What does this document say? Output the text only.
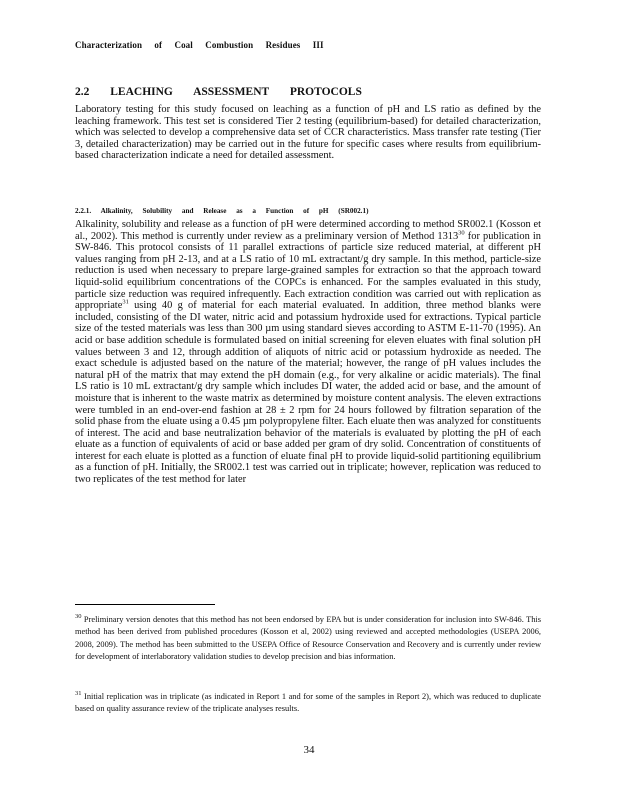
Characterization of Coal Combustion Residues III
2.2 LEACHING ASSESSMENT PROTOCOLS

Laboratory testing for this study focused on leaching as a function of pH and LS ratio as defined by the leaching framework. This test set is considered Tier 2 testing (equilibrium-based) for detailed characterization, which was selected to develop a comprehensive data set of CCR characteristics. Mass transfer rate testing (Tier 3, detailed characterization) may be carried out in the future for specific cases where results from equilibrium-based characterization indicate a need for detailed assessment.

2.2.1. Alkalinity, Solubility and Release as a Function of pH (SR002.1)

Alkalinity, solubility and release as a function of pH were determined according to method SR002.1 (Kosson et al., 2002). This method is currently under review as a preliminary version of Method 1313$^{30}$ for publication in SW-846. This protocol consists of 11 parallel extractions of particle size reduced material, at different pH values ranging from pH 2-13, and at a LS ratio of 10 mL extractant/g dry sample. In this method, particle-size reduction is used when necessary to prepare large-grained samples for extraction so that the approach toward liquid-solid equilibrium concentrations of the COPCs is enhanced. For the samples evaluated in this study, particle size reduction was required infrequently. Each extraction condition was carried out with replication as appropriate$^{31}$ using 40 g of material for each material evaluated. In addition, three method blanks were included, consisting of the DI water, nitric acid and potassium hydroxide used for extractions. Typical particle size of the tested materials was less than 300 µm using standard sieves according to ASTM E-11-70 (1995). An acid or base addition schedule is formulated based on initial screening for eleven eluates with final solution pH values between 3 and 12, through addition of aliquots of nitric acid or potassium hydroxide as needed. The exact schedule is adjusted based on the nature of the material; however, the range of pH values includes the natural pH of the matrix that may extend the pH domain (e.g., for very alkaline or acidic materials). The final LS ratio is 10 mL extractant/g dry sample which includes DI water, the added acid or base, and the amount of moisture that is inherent to the waste matrix as determined by moisture content analysis. The eleven extractions were tumbled in an end-over-end fashion at 28 ± 2 rpm for 24 hours followed by filtration separation of the solid phase from the eluate using a 0.45 µm polypropylene filter. Each eluate then was analyzed for constituents of interest. The acid and base neutralization behavior of the materials is evaluated by plotting the pH of each eluate as a function of equivalents of acid or base added per gram of dry solid. Concentration of constituents of interest for each eluate is plotted as a function of eluate final pH to provide liquid-solid partitioning equilibrium as a function of pH. Initially, the SR002.1 test was carried out in triplicate; however, replication was reduced to two replicates of the test method for later

$^{30}$ Preliminary version denotes that this method has not been endorsed by EPA but is under consideration for inclusion into SW-846. This method has been derived from published procedures (Kosson et al, 2002) using reviewed and accepted methodologies (USEPA 2006, 2008, 2009). The method has been submitted to the USEPA Office of Resource Conservation and Recovery and is currently under review for development of interlaboratory validation studies to develop precision and bias information.

$^{31}$ Initial replication was in triplicate (as indicated in Report 1 and for some of the samples in Report 2), which was reduced to duplicate based on quality assurance review of the triplicate analyses results.

34
